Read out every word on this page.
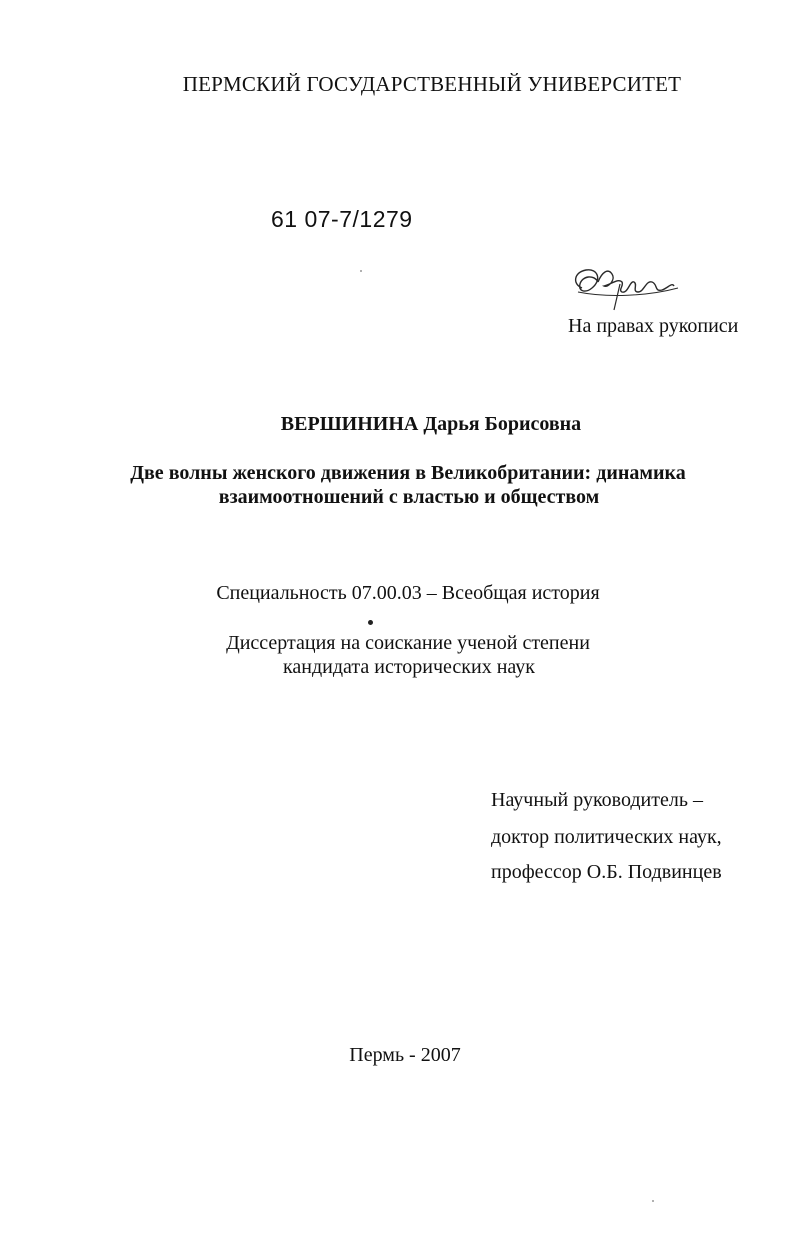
ПЕРМСКИЙ ГОСУДАРСТВЕННЫЙ УНИВЕРСИТЕТ

61 07-7/1279

На правах рукописи

ВЕРШИНИНА Дарья Борисовна

Две волны женского движения в Великобритании: динамика

взаимоотношений с властью и обществом

Специальность 07.00.03 – Всеобщая история

Диссертация на соискание ученой степени

кандидата исторических наук

Научный руководитель –

доктор политических наук,

профессор О.Б. Подвинцев

Пермь - 2007
